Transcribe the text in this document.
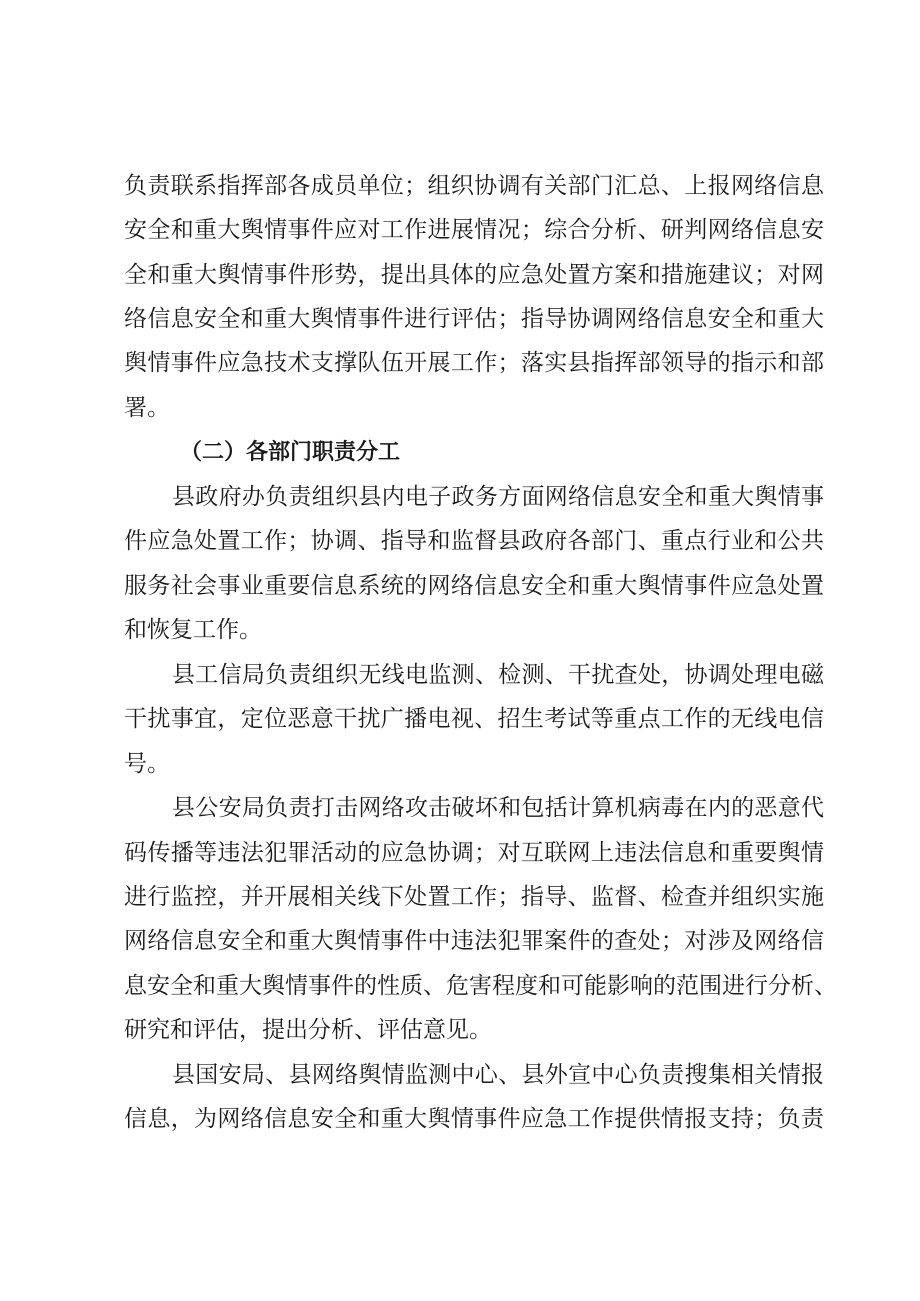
负责联系指挥部各成员单位；组织协调有关部门汇总、上报网络信息
安全和重大舆情事件应对工作进展情况；综合分析、研判网络信息安
全和重大舆情事件形势，提出具体的应急处置方案和措施建议；对网
络信息安全和重大舆情事件进行评估；指导协调网络信息安全和重大
舆情事件应急技术支撑队伍开展工作；落实县指挥部领导的指示和部
署。
（二）各部门职责分工
县政府办负责组织县内电子政务方面网络信息安全和重大舆情事
件应急处置工作；协调、指导和监督县政府各部门、重点行业和公共
服务社会事业重要信息系统的网络信息安全和重大舆情事件应急处置
和恢复工作。
县工信局负责组织无线电监测、检测、干扰查处，协调处理电磁
干扰事宜，定位恶意干扰广播电视、招生考试等重点工作的无线电信
号。
县公安局负责打击网络攻击破坏和包括计算机病毒在内的恶意代
码传播等违法犯罪活动的应急协调；对互联网上违法信息和重要舆情
进行监控，并开展相关线下处置工作；指导、监督、检查并组织实施
网络信息安全和重大舆情事件中违法犯罪案件的查处；对涉及网络信
息安全和重大舆情事件的性质、危害程度和可能影响的范围进行分析、
研究和评估，提出分析、评估意见。
县国安局、县网络舆情监测中心、县外宣中心负责搜集相关情报
信息，为网络信息安全和重大舆情事件应急工作提供情报支持；负责
